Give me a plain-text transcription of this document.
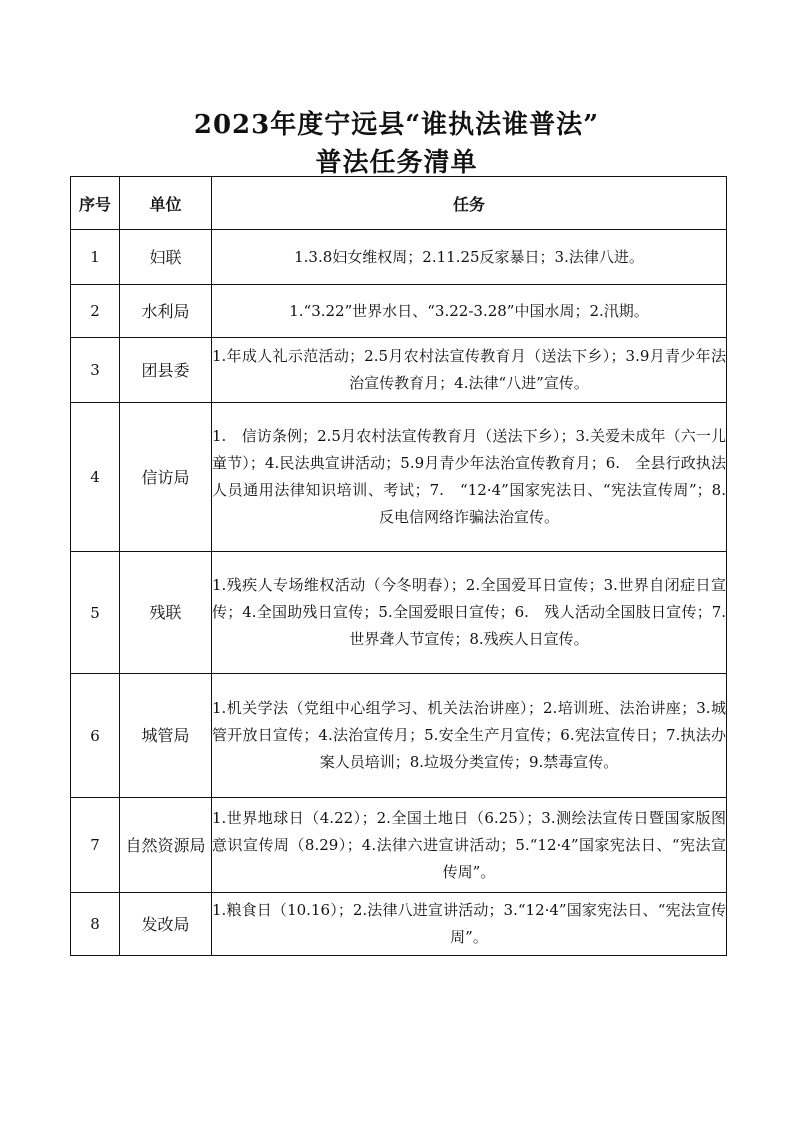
2023年度宁远县“谁执法谁普法”
普法任务清单
序号	单位	任务
1	妇联	1.3.8妇女维权周；2.11.25反家暴日；3.法律八进。
2	水利局	1.“3.22”世界水日、“3.22-3.28”中国水周；2.汛期。
3	团县委	1.年成人礼示范活动；2.5月农村法宣传教育月（送法下乡）；3.9月青少年法治宣传教育月；4.法律“八进”宣传。
4	信访局	1.　信访条例；2.5月农村法宣传教育月（送法下乡）；3.关爱未成年（六一儿童节）；4.民法典宣讲活动；5.9月青少年法治宣传教育月；6.　全县行政执法人员通用法律知识培训、考试；7.　“12·4”国家宪法日、“宪法宣传周”；8.　反电信网络诈骗法治宣传。
5	残联	1.残疾人专场维权活动（今冬明春）；2.全国爱耳日宣传；3.世界自闭症日宣传；4.全国助残日宣传；5.全国爱眼日宣传；6.　残人活动全国肢日宣传；7.　世界聋人节宣传；8.残疾人日宣传。
6	城管局	1.机关学法（党组中心组学习、机关法治讲座）；2.培训班、法治讲座；3.城管开放日宣传；4.法治宣传月；5.安全生产月宣传；6.宪法宣传日；7.执法办案人员培训；8.垃圾分类宣传；9.禁毒宣传。
7	自然资源局	1.世界地球日（4.22）；2.全国土地日（6.25）；3.测绘法宣传日暨国家版图意识宣传周（8.29）；4.法律六进宣讲活动；5.“12·4”国家宪法日、“宪法宣传周”。
8	发改局	1.粮食日（10.16）；2.法律八进宣讲活动；3.“12·4”国家宪法日、“宪法宣传周”。
